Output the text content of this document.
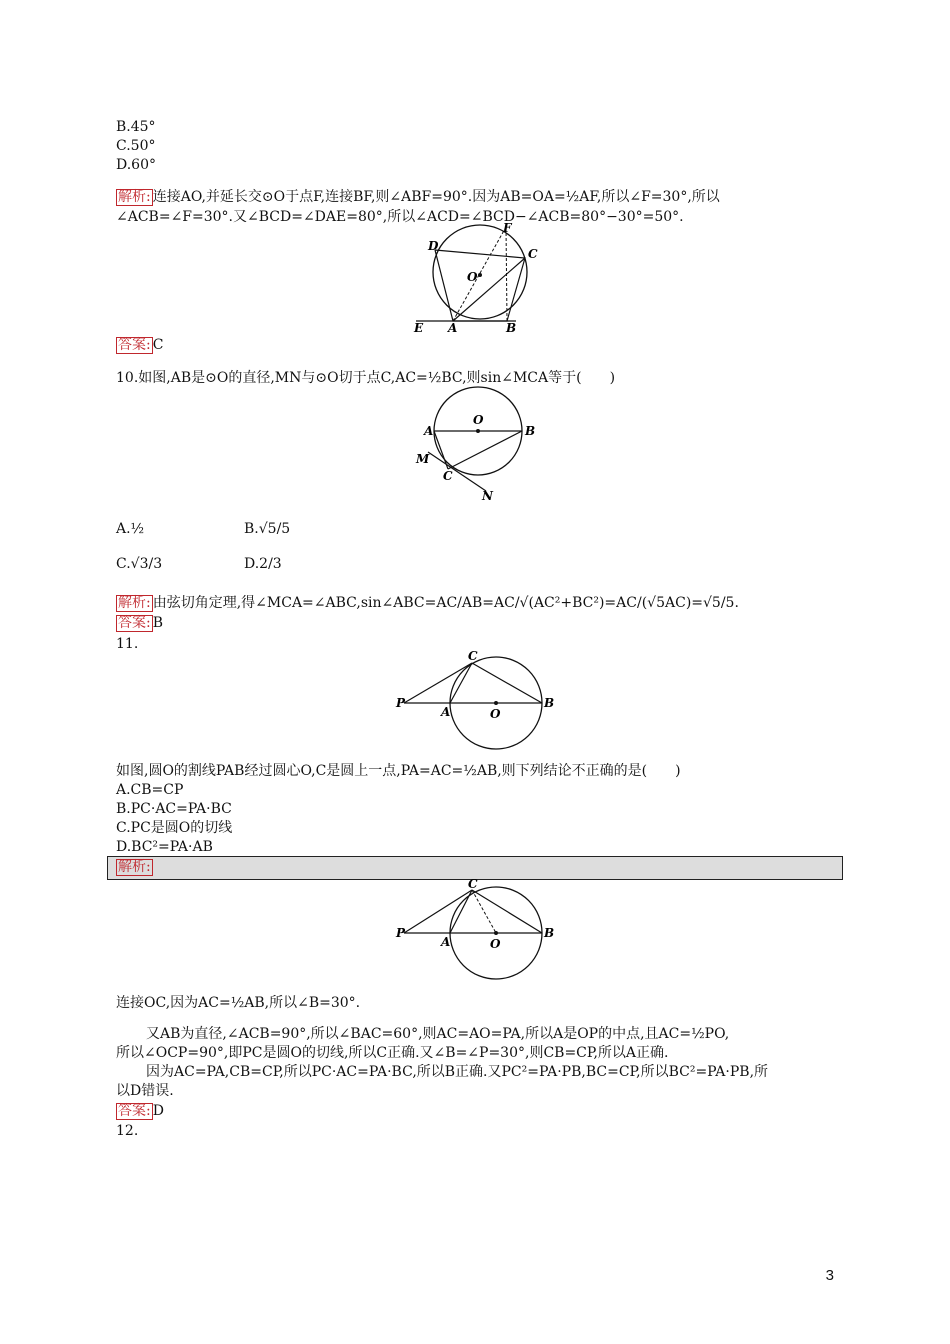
B.45°
C.50°
D.60°
解析: 连接AO,并延长交⊙O于点F,连接BF,则∠ABF=90°.因为AB=OA=½AF,所以∠F=30°,所以
∠ACB=∠F=30°.又∠BCD=∠DAE=80°,所以∠ACD=∠BCD−∠ACB=80°−30°=50°.
D
F
C
O
E A	B
答案: C
10.如图,AB是⊙O的直径,MN与⊙O切于点C,AC=½BC,则sin∠MCA等于(　　)
O
A	B
M
C
N
A.½	B.√5/5
C.√3/3	D.2/3
解析: 由弦切角定理,得∠MCA=∠ABC,sin∠ABC=AC/AB=AC/√(AC²+BC²)=AC/(√5AC)=√5/5.
答案: B
11.
P
A	O
B
C
如图,圆O的割线PAB经过圆心O,C是圆上一点,PA=AC=½AB,则下列结论不正确的是(　　)
A.CB=CP
B.PC·AC=PA·BC
C.PC是圆O的切线
D.BC²=PA·AB
解析:
P
A	O
B
C
连接OC,因为AC=½AB,所以∠B=30°.
又AB为直径,∠ACB=90°,所以∠BAC=60°,则AC=AO=PA,所以A是OP的中点,且AC=½PO,
所以∠OCP=90°,即PC是圆O的切线,所以C正确.又∠B=∠P=30°,则CB=CP,所以A正确.
因为AC=PA,CB=CP,所以PC·AC=PA·BC,所以B正确.又PC²=PA·PB,BC=CP,所以BC²=PA·PB,所
以D错误.
答案: D
12.
3
